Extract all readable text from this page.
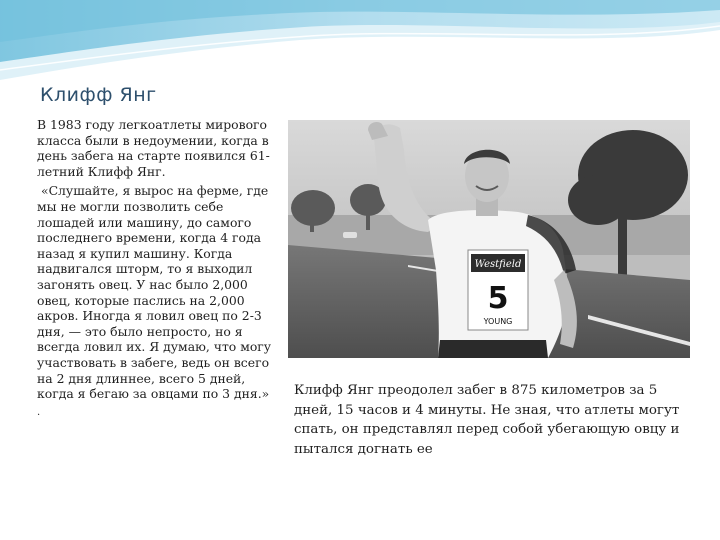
Клифф Янг

В 1983 году легкоатлеты мирового класса были в недоумении, когда в день забега на старте появился 61-летний Клифф Янг.

«Слушайте, я вырос на ферме, где мы не могли позволить себе лошадей или машину, до самого последнего времени, когда 4 года назад я купил машину. Когда надвигался шторм, то я выходил загонять овец. У нас было 2,000 овец, которые паслись на 2,000 акров. Иногда я ловил овец по 2-3 дня, — это было непросто, но я всегда ловил их. Я думаю, что могу участвовать в забеге, ведь он всего на 2 дня длиннее, всего 5 дней, когда я бегаю за овцами по 3 дня.»

.

Westfield
5
YOUNG
Клифф Янг преодолел забег в 875 километров за 5 дней, 15 часов и 4 минуты. Не зная, что атлеты могут спать, он представлял перед собой убегающую овцу и пытался догнать ее
